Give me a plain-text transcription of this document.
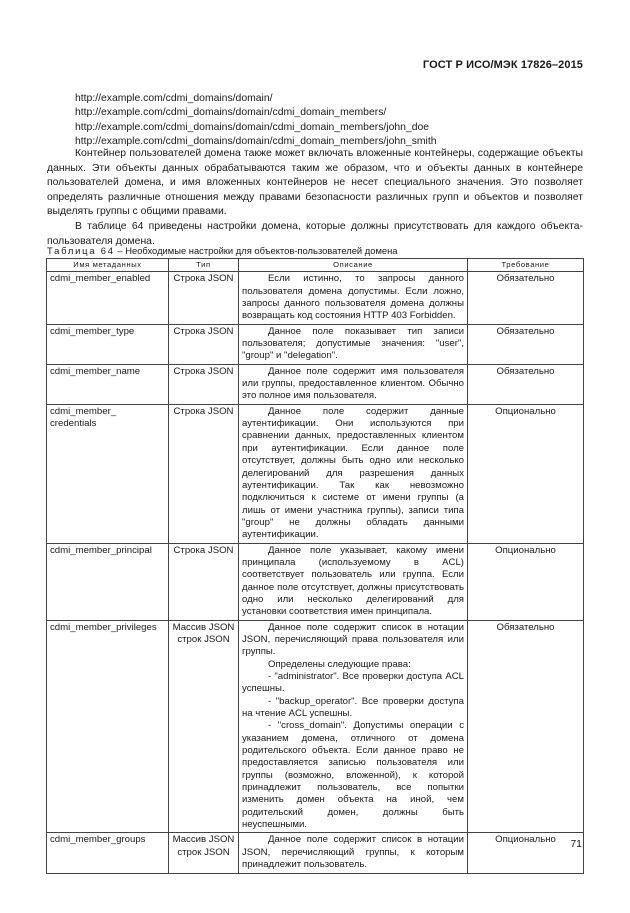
ГОСТ Р ИСО/МЭК 17826–2015
http://example.com/cdmi_domains/domain/
http://example.com/cdmi_domains/domain/cdmi_domain_members/
http://example.com/cdmi_domains/domain/cdmi_domain_members/john_doe
http://example.com/cdmi_domains/domain/cdmi_domain_members/john_smith

Контейнер пользователей домена также может включать вложенные контейнеры, содержащие объекты данных. Эти объекты данных обрабатываются таким же образом, что и объекты данных в контейнере пользователей домена, и имя вложенных контейнеров не несет специального значения. Это позволяет определять различные отношения между правами безопасности различных групп и объектов и позволяет выделять группы с общими правами.

В таблице 64 приведены настройки домена, которые должны присутствовать для каждого объекта-пользователя домена.

Таблица 64 – Необходимые настройки для объектов-пользователей домена
Имя метаданных	Тип	Описание	Требование
cdmi_member_enabled	Строка JSON	Если истинно, то запросы данного пользователя домена допустимы. Если ложно, запросы данного пользователя домена должны возвращать код состояния HTTP 403 Forbidden.	Обязательно
cdmi_member_type	Строка JSON	Данное поле показывает тип записи пользователя; допустимые значения: "user", "group" и "delegation".	Обязательно
cdmi_member_name	Строка JSON	Данное поле содержит имя пользователя или группы, предоставленное клиентом. Обычно это полное имя пользователя.	Обязательно
cdmi_member_ credentials	Строка JSON	Данное поле содержит данные аутентификации. Они используются при сравнении данных, предоставленных клиентом при аутентификации. Если данное поле отсутствует, должны быть одно или несколько делегирований для разрешения данных аутентификации. Так как невозможно подключиться к системе от имени группы (а лишь от имени участника группы), записи типа "group" не должны обладать данными аутентификации.	Опционально
cdmi_member_principal	Строка JSON	Данное поле указывает, какому имени принципала (используемому в ACL) соответствует пользователь или группа. Если данное поле отсутствует, должны присутствовать одно или несколько делегирований для установки соответствия имен принципала.	Опционально
cdmi_member_privileges	Массив JSON строк JSON	Данное поле содержит список в нотации JSON, перечисляющий права пользователя или группы.

Определены следующие права:

- "administrator". Все проверки доступа ACL успешны.

- "backup_operator". Все проверки доступа на чтение ACL успешны.

- "cross_domain". Допустимы операции с указанием домена, отличного от домена родительского объекта. Если данное право не предоставляется записью пользователя или группы (возможно, вложенной), к которой принадлежит пользователь, все попытки изменить домен объекта на иной, чем родительский домен, должны быть неуспешными.	Обязательно
cdmi_member_groups	Массив JSON строк JSON	Данное поле содержит список в нотации JSON, перечисляющий группы, к которым принадлежит пользователь.	Опционально 71
